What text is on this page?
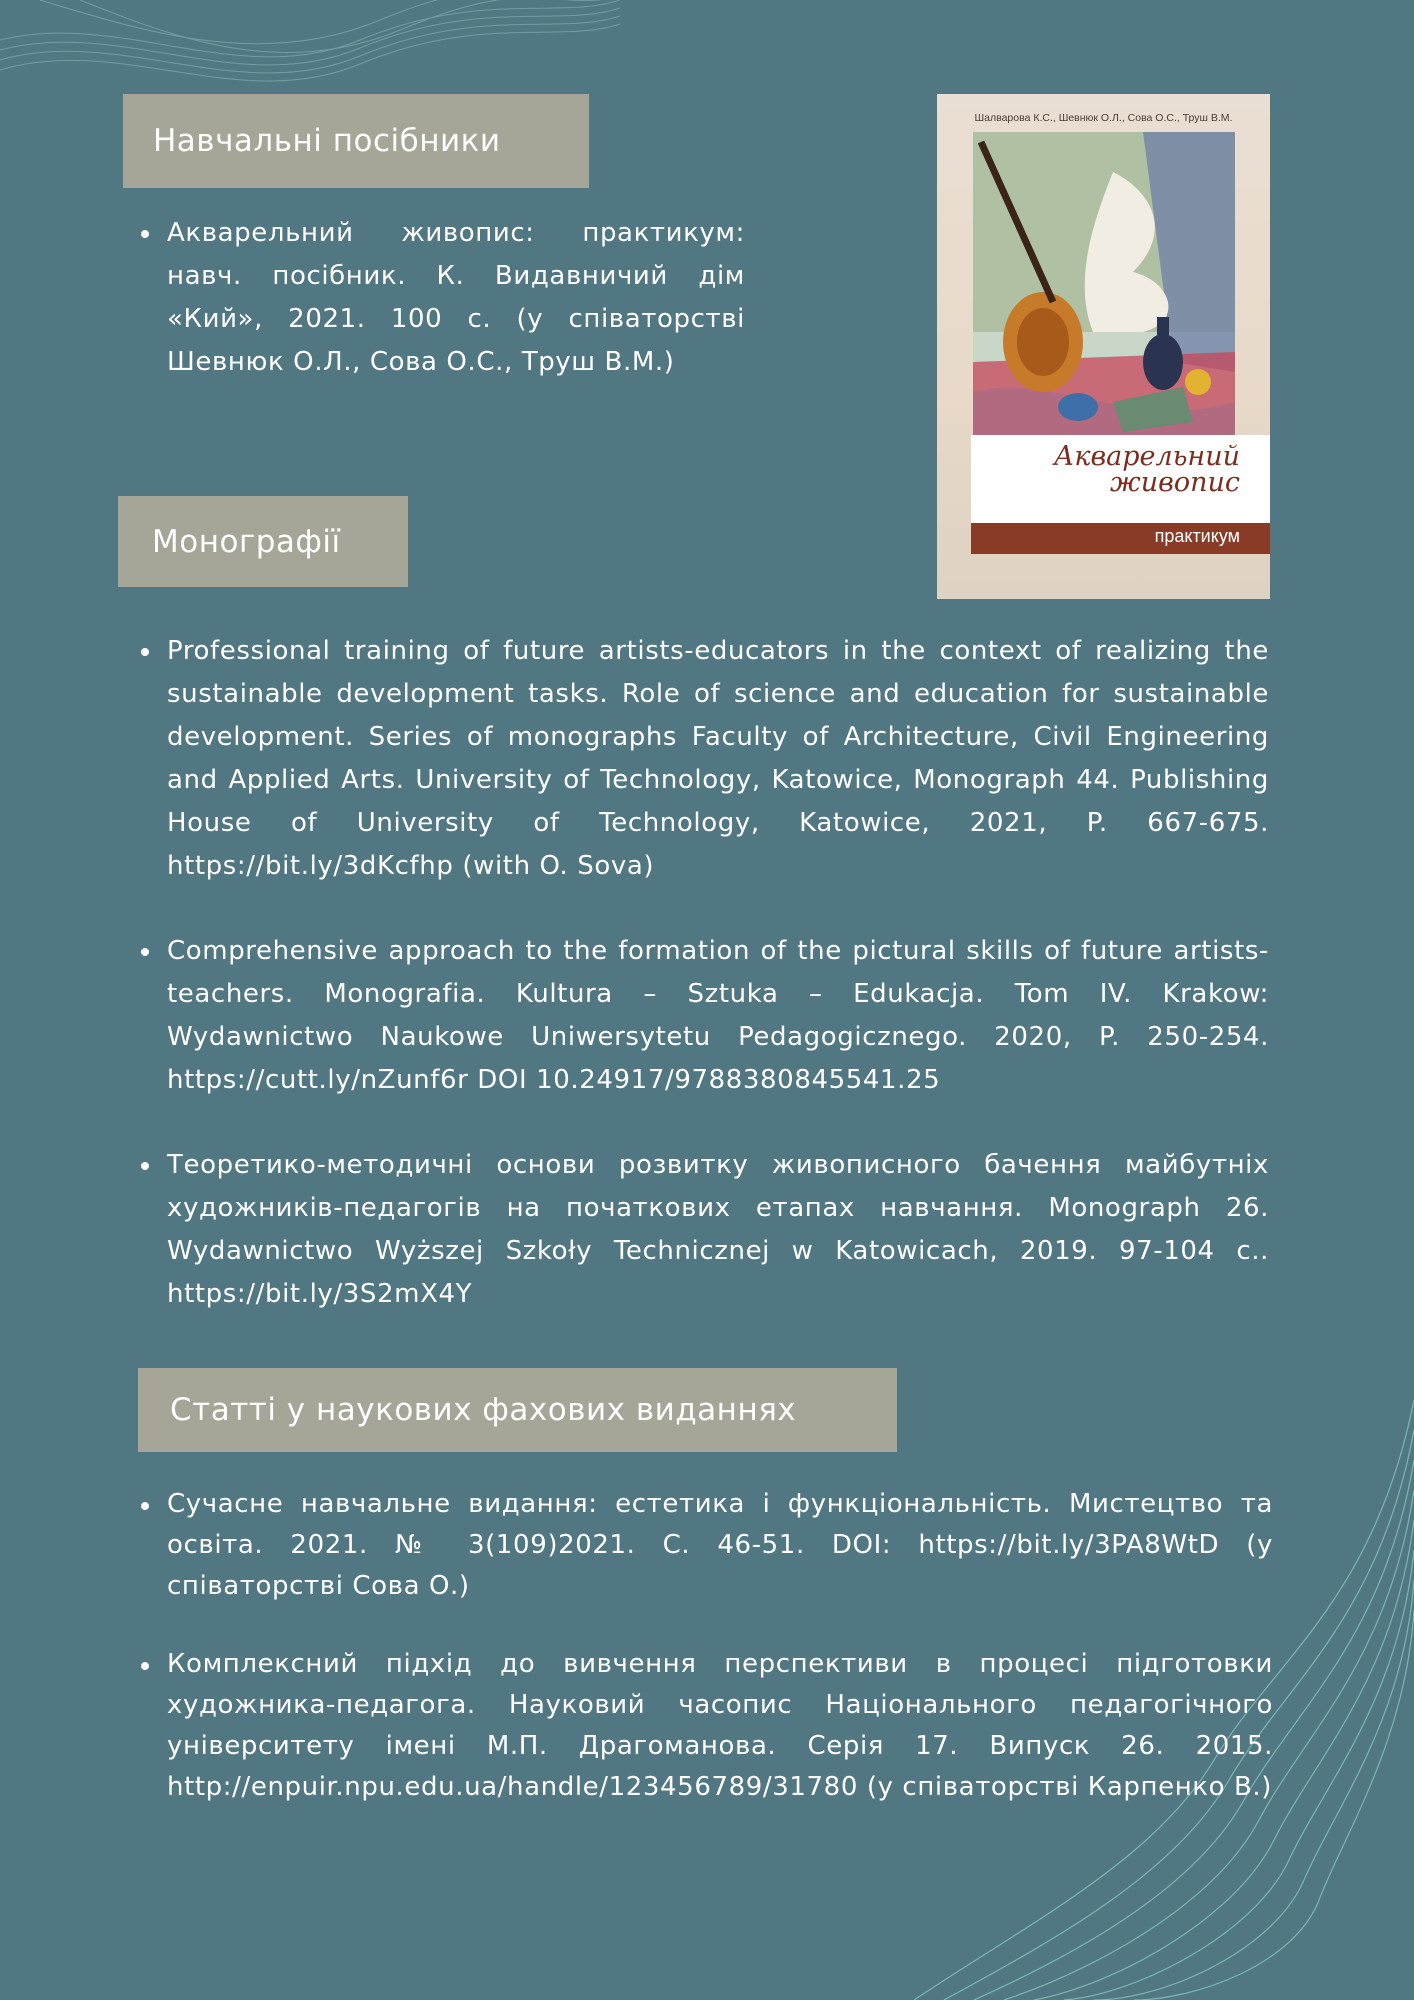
Навчальні посібники
Акварельний живопис: практикум: навч. посібник. К. Видавничий дім «Кий», 2021. 100 с. (у співаторстві Шевнюк О.Л., Сова О.С., Труш В.М.)
Шалварова К.С., Шевнюк О.Л., Сова О.С., Труш В.М.
Акварельний
живопис
практикум
Монографії
Professional training of future artists-educators in the context of realizing the sustainable development tasks. Role of science and education for sustainable development. Series of monographs Faculty of Architecture, Civil Engineering and Applied Arts. University of Technology, Katowice, Monograph 44. Publishing House of University of Technology, Katowice, 2021, P. 667-675. https://bit.ly/3dKcfhp (with O. Sova)
Comprehensive approach to the formation of the pictural skills of future artists-teachers. Monografia. Kultura – Sztuka – Edukacja. Tom IV. Krakow: Wydawnictwo Naukowe Uniwersytetu Pedagogicznego. 2020, P. 250-254. https://cutt.ly/nZunf6r DOI 10.24917/9788380845541.25
Теоретико-методичні основи розвитку живописного бачення майбутніх художників-педагогів на початкових етапах навчання. Monograph 26. Wydawnictwo Wyższej Szkoły Technicznej w Katowicach, 2019. 97-104 с.. https://bit.ly/3S2mX4Y
Статті у наукових фахових виданнях
Сучасне навчальне видання: естетика і функціональність. Мистецтво та освіта. 2021. № 3(109)2021. С. 46-51. DOI: https://bit.ly/3PA8WtD (у співаторстві Сова О.)
Комплексний підхід до вивчення перспективи в процесі підготовки художника-педагога. Науковий часопис Національного педагогічного університету імені М.П. Драгоманова. Серія 17. Випуск 26. 2015. http://enpuir.npu.edu.ua/handle/123456789/31780 (у співаторстві Карпенко В.)
